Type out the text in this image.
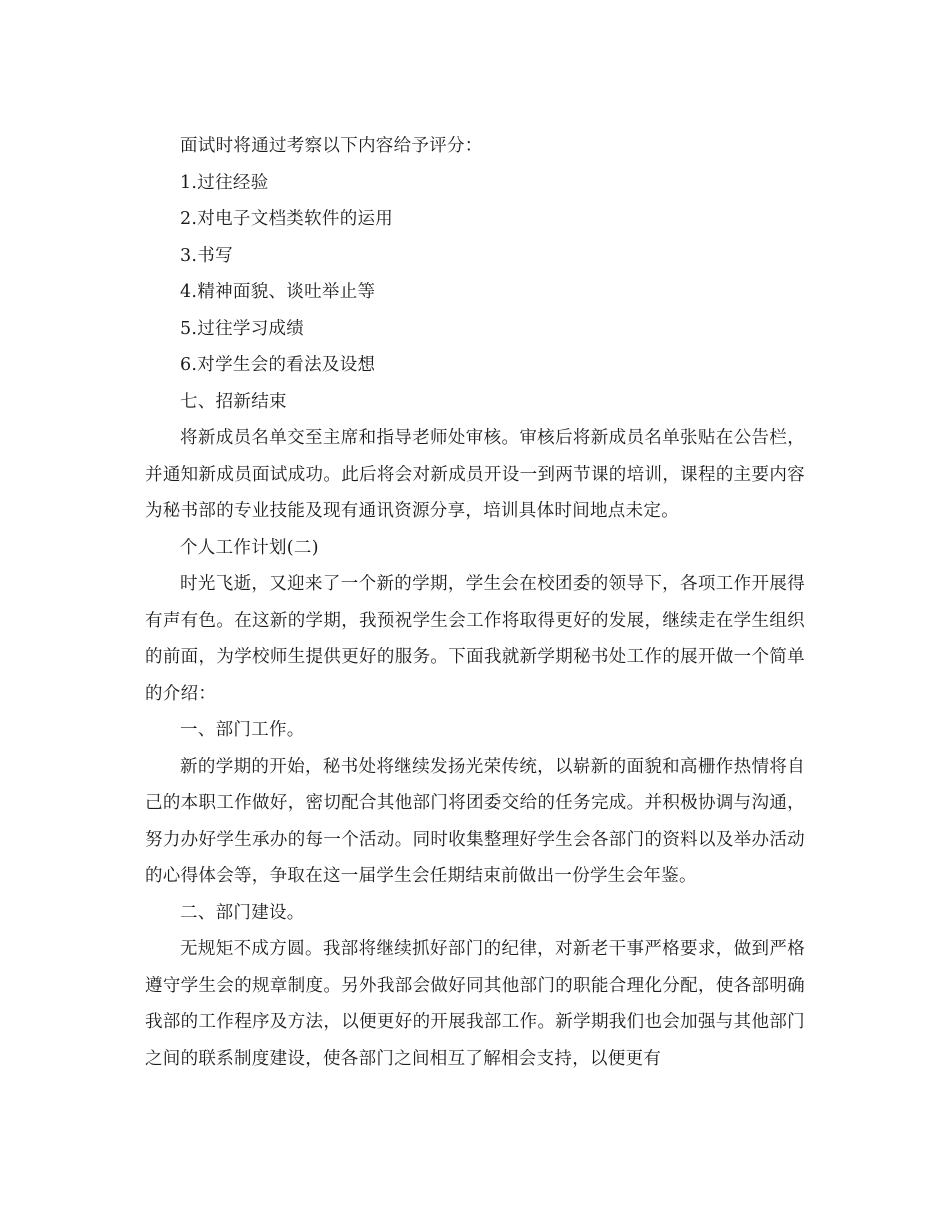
面试时将通过考察以下内容给予评分：

1.过往经验

2.对电子文档类软件的运用

3.书写

4.精神面貌、谈吐举止等

5.过往学习成绩

6.对学生会的看法及设想

七、招新结束

将新成员名单交至主席和指导老师处审核。审核后将新成员名单张贴在公告栏，并通知新成员面试成功。此后将会对新成员开设一到两节课的培训，课程的主要内容为秘书部的专业技能及现有通讯资源分享，培训具体时间地点未定。

个人工作计划(二)

时光飞逝，又迎来了一个新的学期，学生会在校团委的领导下，各项工作开展得有声有色。在这新的学期，我预祝学生会工作将取得更好的发展，继续走在学生组织的前面，为学校师生提供更好的服务。下面我就新学期秘书处工作的展开做一个简单的介绍：

一、部门工作。

新的学期的开始，秘书处将继续发扬光荣传统，以崭新的面貌和高栅作热情将自己的本职工作做好，密切配合其他部门将团委交给的任务完成。并积极协调与沟通，努力办好学生承办的每一个活动。同时收集整理好学生会各部门的资料以及举办活动的心得体会等，争取在这一届学生会任期结束前做出一份学生会年鉴。

二、部门建设。

无规矩不成方圆。我部将继续抓好部门的纪律，对新老干事严格要求，做到严格遵守学生会的规章制度。另外我部会做好同其他部门的职能合理化分配，使各部明确我部的工作程序及方法，以便更好的开展我部工作。新学期我们也会加强与其他部门之间的联系制度建设，使各部门之间相互了解相会支持，以便更有
